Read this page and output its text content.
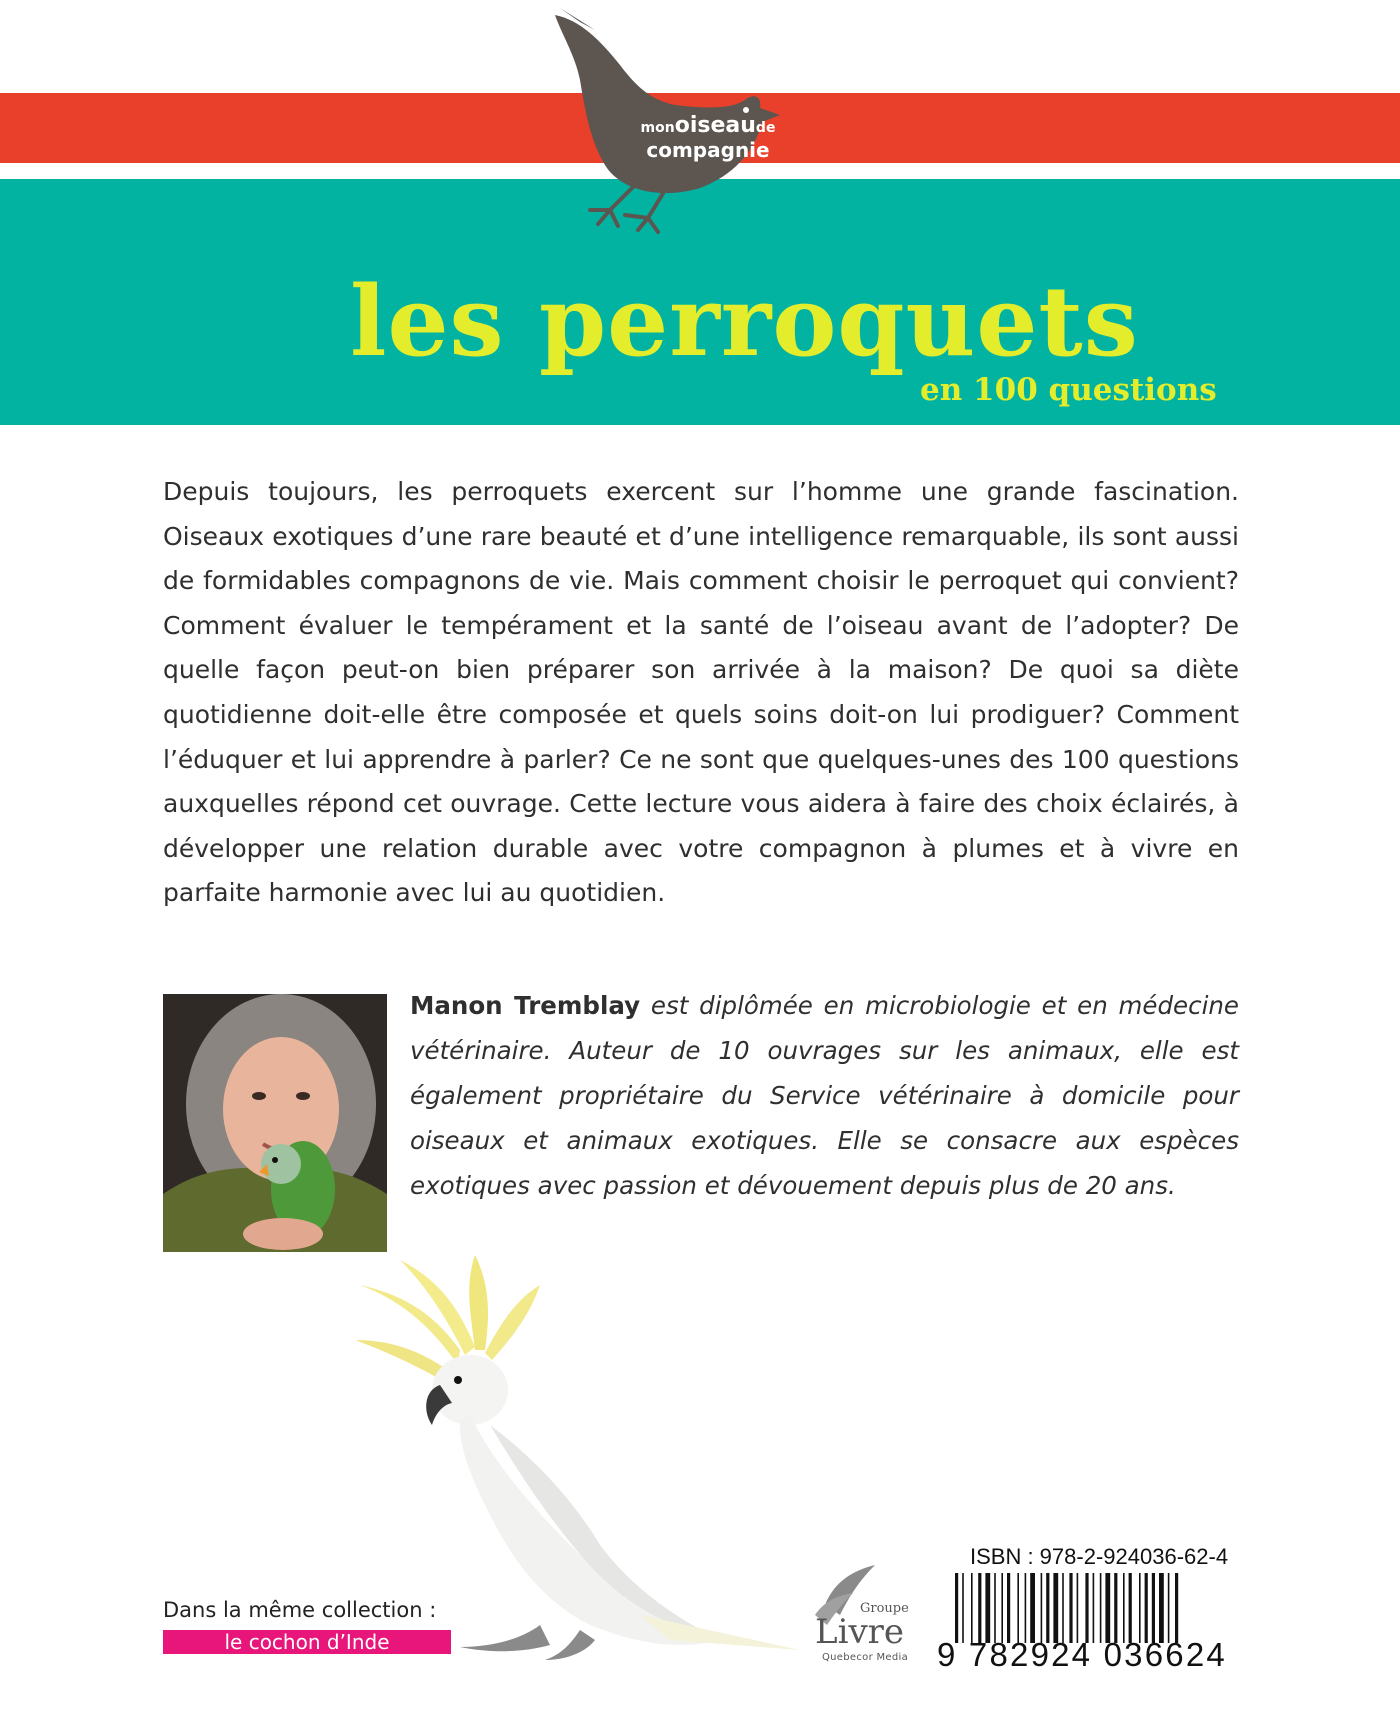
monoiseaude
compagnie
les perroquets
en 100 questions

Depuis toujours, les perroquets exercent sur l’homme une grande fascination. Oiseaux exotiques d’une rare beauté et d’une intelligence remarquable, ils sont aussi de formidables compagnons de vie. Mais comment choisir le perroquet qui convient? Comment évaluer le tempérament et la santé de l’oiseau avant de l’adopter? De quelle façon peut-on bien préparer son arrivée à la maison? De quoi sa diète quotidienne doit-elle être composée et quels soins doit-on lui prodiguer? Comment l’éduquer et lui apprendre à parler? Ce ne sont que quelques-unes des 100 questions auxquelles répond cet ouvrage. Cette lecture vous aidera à faire des choix éclairés, à développer une relation durable avec votre compagnon à plumes et à vivre en parfaite harmonie avec lui au quotidien.

Manon Tremblay est diplômée en microbiologie et en médecine vétérinaire. Auteur de 10 ouvrages sur les animaux, elle est également propriétaire du Service vétérinaire à domicile pour oiseaux et animaux exotiques. Elle se consacre aux espèces exotiques avec passion et dévouement depuis plus de 20 ans.

Dans la même collection :
le cochon d’Inde
Groupe
Livre
Quebecor Media
ISBN : 978-2-924036-62-4
9 782924 036624
